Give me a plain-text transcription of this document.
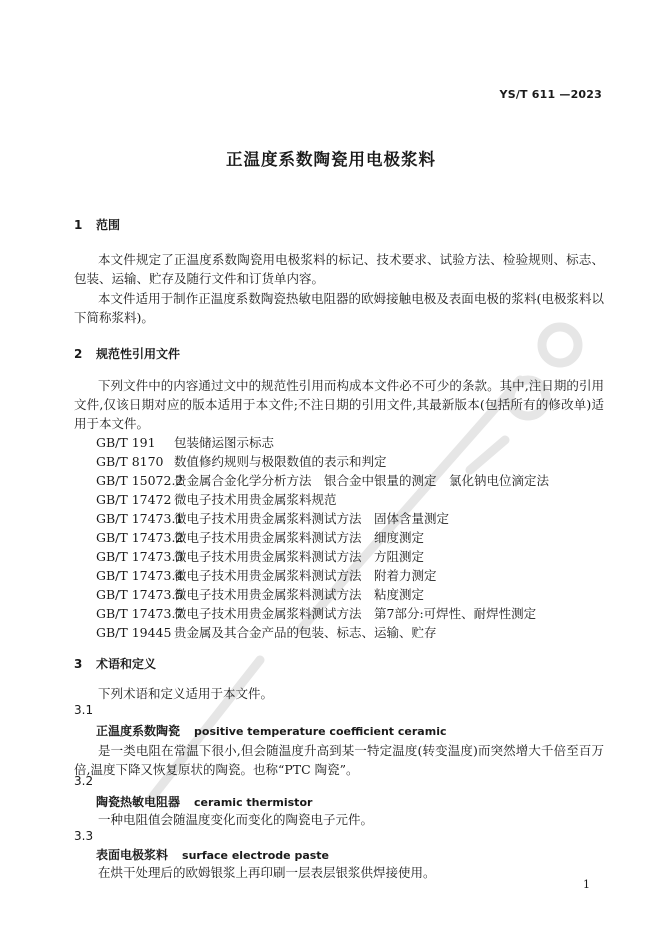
YS/T 611 —2023
正温度系数陶瓷用电极浆料
1 范围
本文件规定了正温度系数陶瓷用电极浆料的标记、技术要求、试验方法、检验规则、标志、包装、运输、贮存及随行文件和订货单内容。
本文件适用于制作正温度系数陶瓷热敏电阻器的欧姆接触电极及表面电极的浆料(电极浆料以下简称浆料)。
2 规范性引用文件
下列文件中的内容通过文中的规范性引用而构成本文件必不可少的条款。其中,注日期的引用文件,仅该日期对应的版本适用于本文件;不注日期的引用文件,其最新版本(包括所有的修改单)适用于本文件。
GB/T 191 包装储运图示标志
GB/T 8170 数值修约规则与极限数值的表示和判定
GB/T 15072.2贵金属合金化学分析方法　银合金中银量的测定　氯化钠电位滴定法
GB/T 17472 微电子技术用贵金属浆料规范
GB/T 17473.1微电子技术用贵金属浆料测试方法　固体含量测定
GB/T 17473.2微电子技术用贵金属浆料测试方法　细度测定
GB/T 17473.3微电子技术用贵金属浆料测试方法　方阻测定
GB/T 17473.4微电子技术用贵金属浆料测试方法　附着力测定
GB/T 17473.5微电子技术用贵金属浆料测试方法　粘度测定
GB/T 17473.7微电子技术用贵金属浆料测试方法　第7部分:可焊性、耐焊性测定
GB/T 19445 贵金属及其合金产品的包装、标志、运输、贮存
3 术语和定义
下列术语和定义适用于本文件。
3.1
正温度系数陶瓷 positive temperature coefficient ceramic
是一类电阻在常温下很小,但会随温度升高到某一特定温度(转变温度)而突然增大千倍至百万倍,温度下降又恢复原状的陶瓷。也称“PTC 陶瓷”。
3.2
陶瓷热敏电阻器 ceramic thermistor
一种电阻值会随温度变化而变化的陶瓷电子元件。
3.3
表面电极浆料 surface electrode paste
在烘干处理后的欧姆银浆上再印刷一层表层银浆供焊接使用。
1
